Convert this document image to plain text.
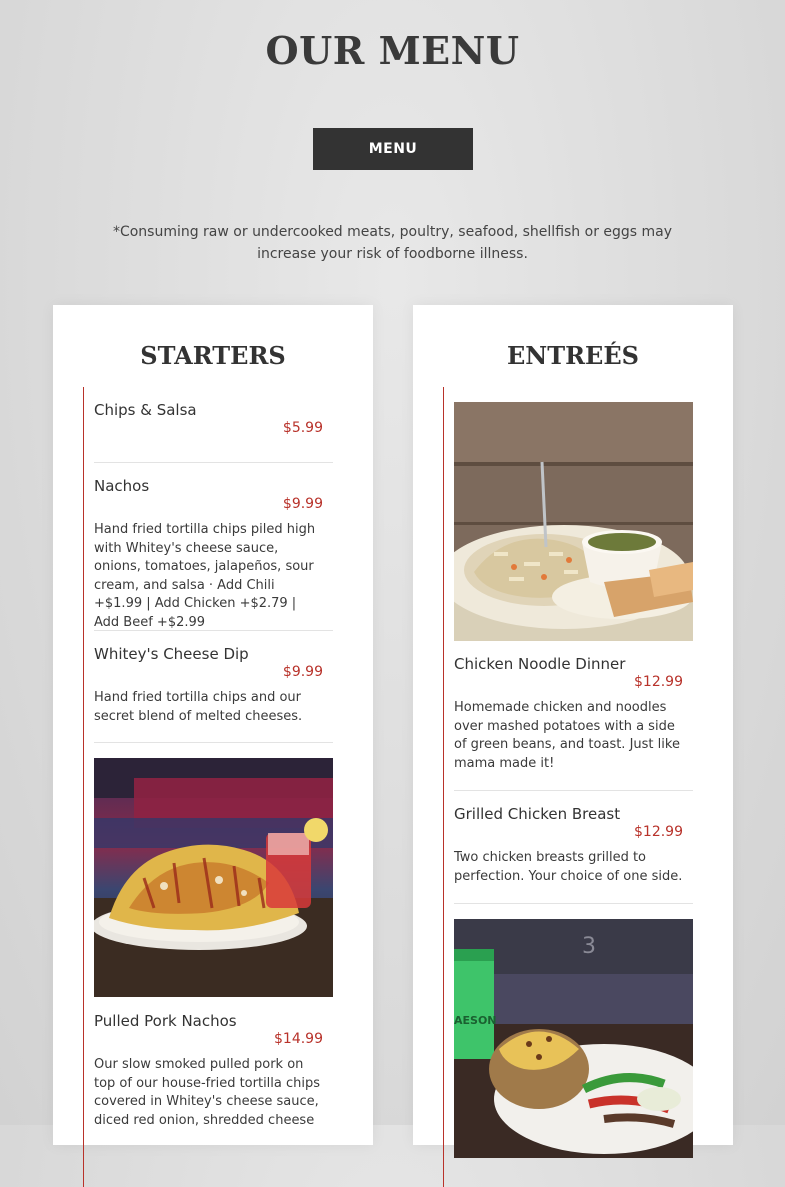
OUR MENU
MENU
*Consuming raw or undercooked meats, poultry, seafood, shellfish or eggs may increase your risk of foodborne illness.
STARTERS
Chips & Salsa
$5.99
Nachos
$9.99
Hand fried tortilla chips piled high with Whitey's cheese sauce, onions, tomatoes, jalapeños, sour cream, and salsa · Add Chili +$1.99 | Add Chicken +$2.79 | Add Beef +$2.99
Whitey's Cheese Dip
$9.99
Hand fried tortilla chips and our secret blend of melted cheeses.
Pulled Pork Nachos
$14.99
Our slow smoked pulled pork on top of our house-fried tortilla chips covered in Whitey's cheese sauce, diced red onion, shredded cheese
ENTREÉS
Chicken Noodle Dinner
$12.99
Homemade chicken and noodles over mashed potatoes with a side of green beans, and toast. Just like mama made it!
Grilled Chicken Breast
$12.99
Two chicken breasts grilled to perfection. Your choice of one side.
3
AESON
